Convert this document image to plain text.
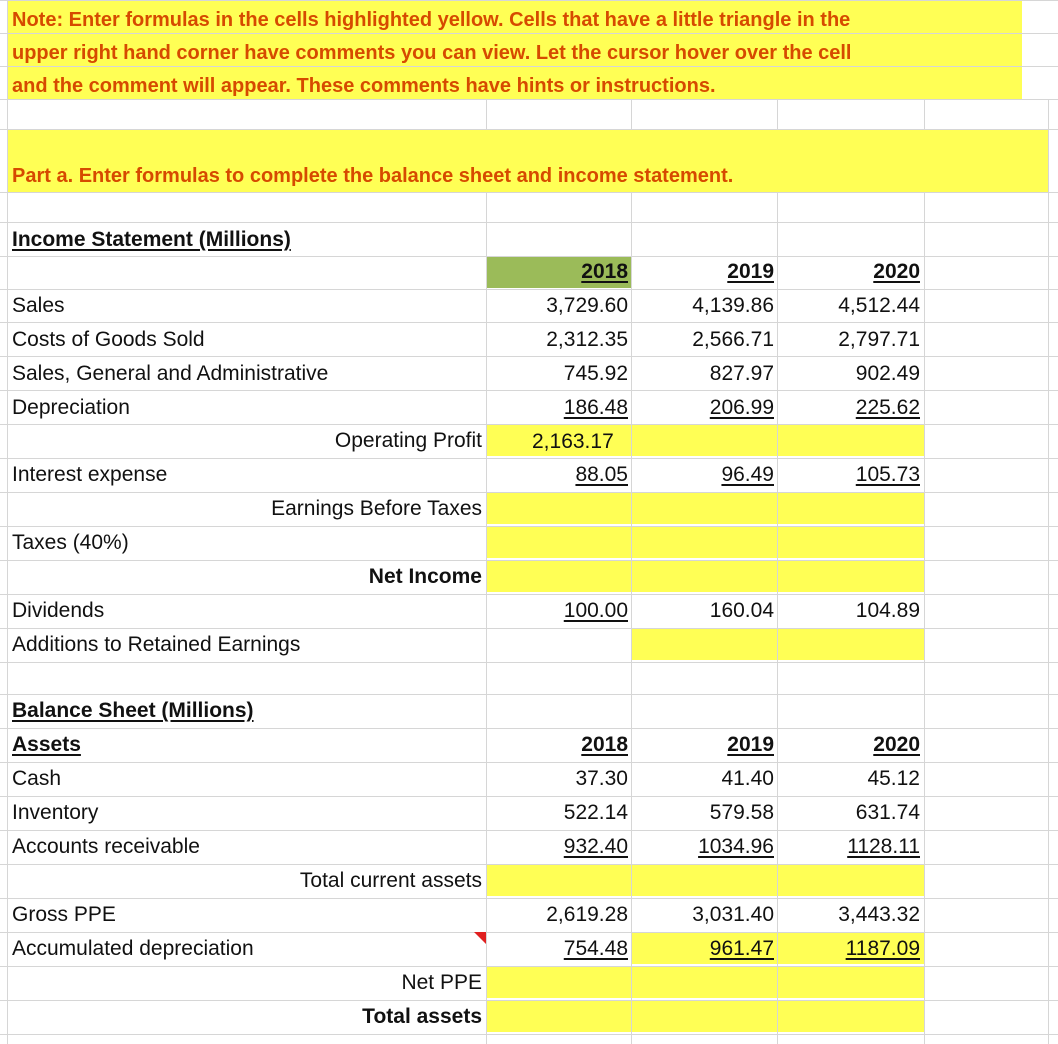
Note: Enter formulas in the cells highlighted yellow. Cells that have a little triangle in the
upper right hand corner have comments you can view. Let the cursor hover over the cell
and the comment will appear. These comments have hints or instructions.
Part a. Enter formulas to complete the balance sheet and income statement.
Income Statement (Millions)
2018	2019	2020
Sales	3,729.60	4,139.86	4,512.44
Costs of Goods Sold	2,312.35	2,566.71	2,797.71
Sales, General and Administrative	745.92	827.97	902.49
Depreciation	186.48	206.99	225.62
Operating Profit 2,163.17
Interest expense	88.05	96.49	105.73
Earnings Before Taxes
Taxes (40%)
Net Income
Dividends	100.00	160.04	104.89
Additions to Retained Earnings
Balance Sheet (Millions)
Assets	2018	2019	2020
Cash	37.30	41.40	45.12
Inventory	522.14	579.58	631.74
Accounts receivable	932.40	1034.96	1128.11
Total current assets
Gross PPE	2,619.28	3,031.40	3,443.32
Accumulated depreciation	754.48	961.47	1187.09
Net PPE
Total assets
